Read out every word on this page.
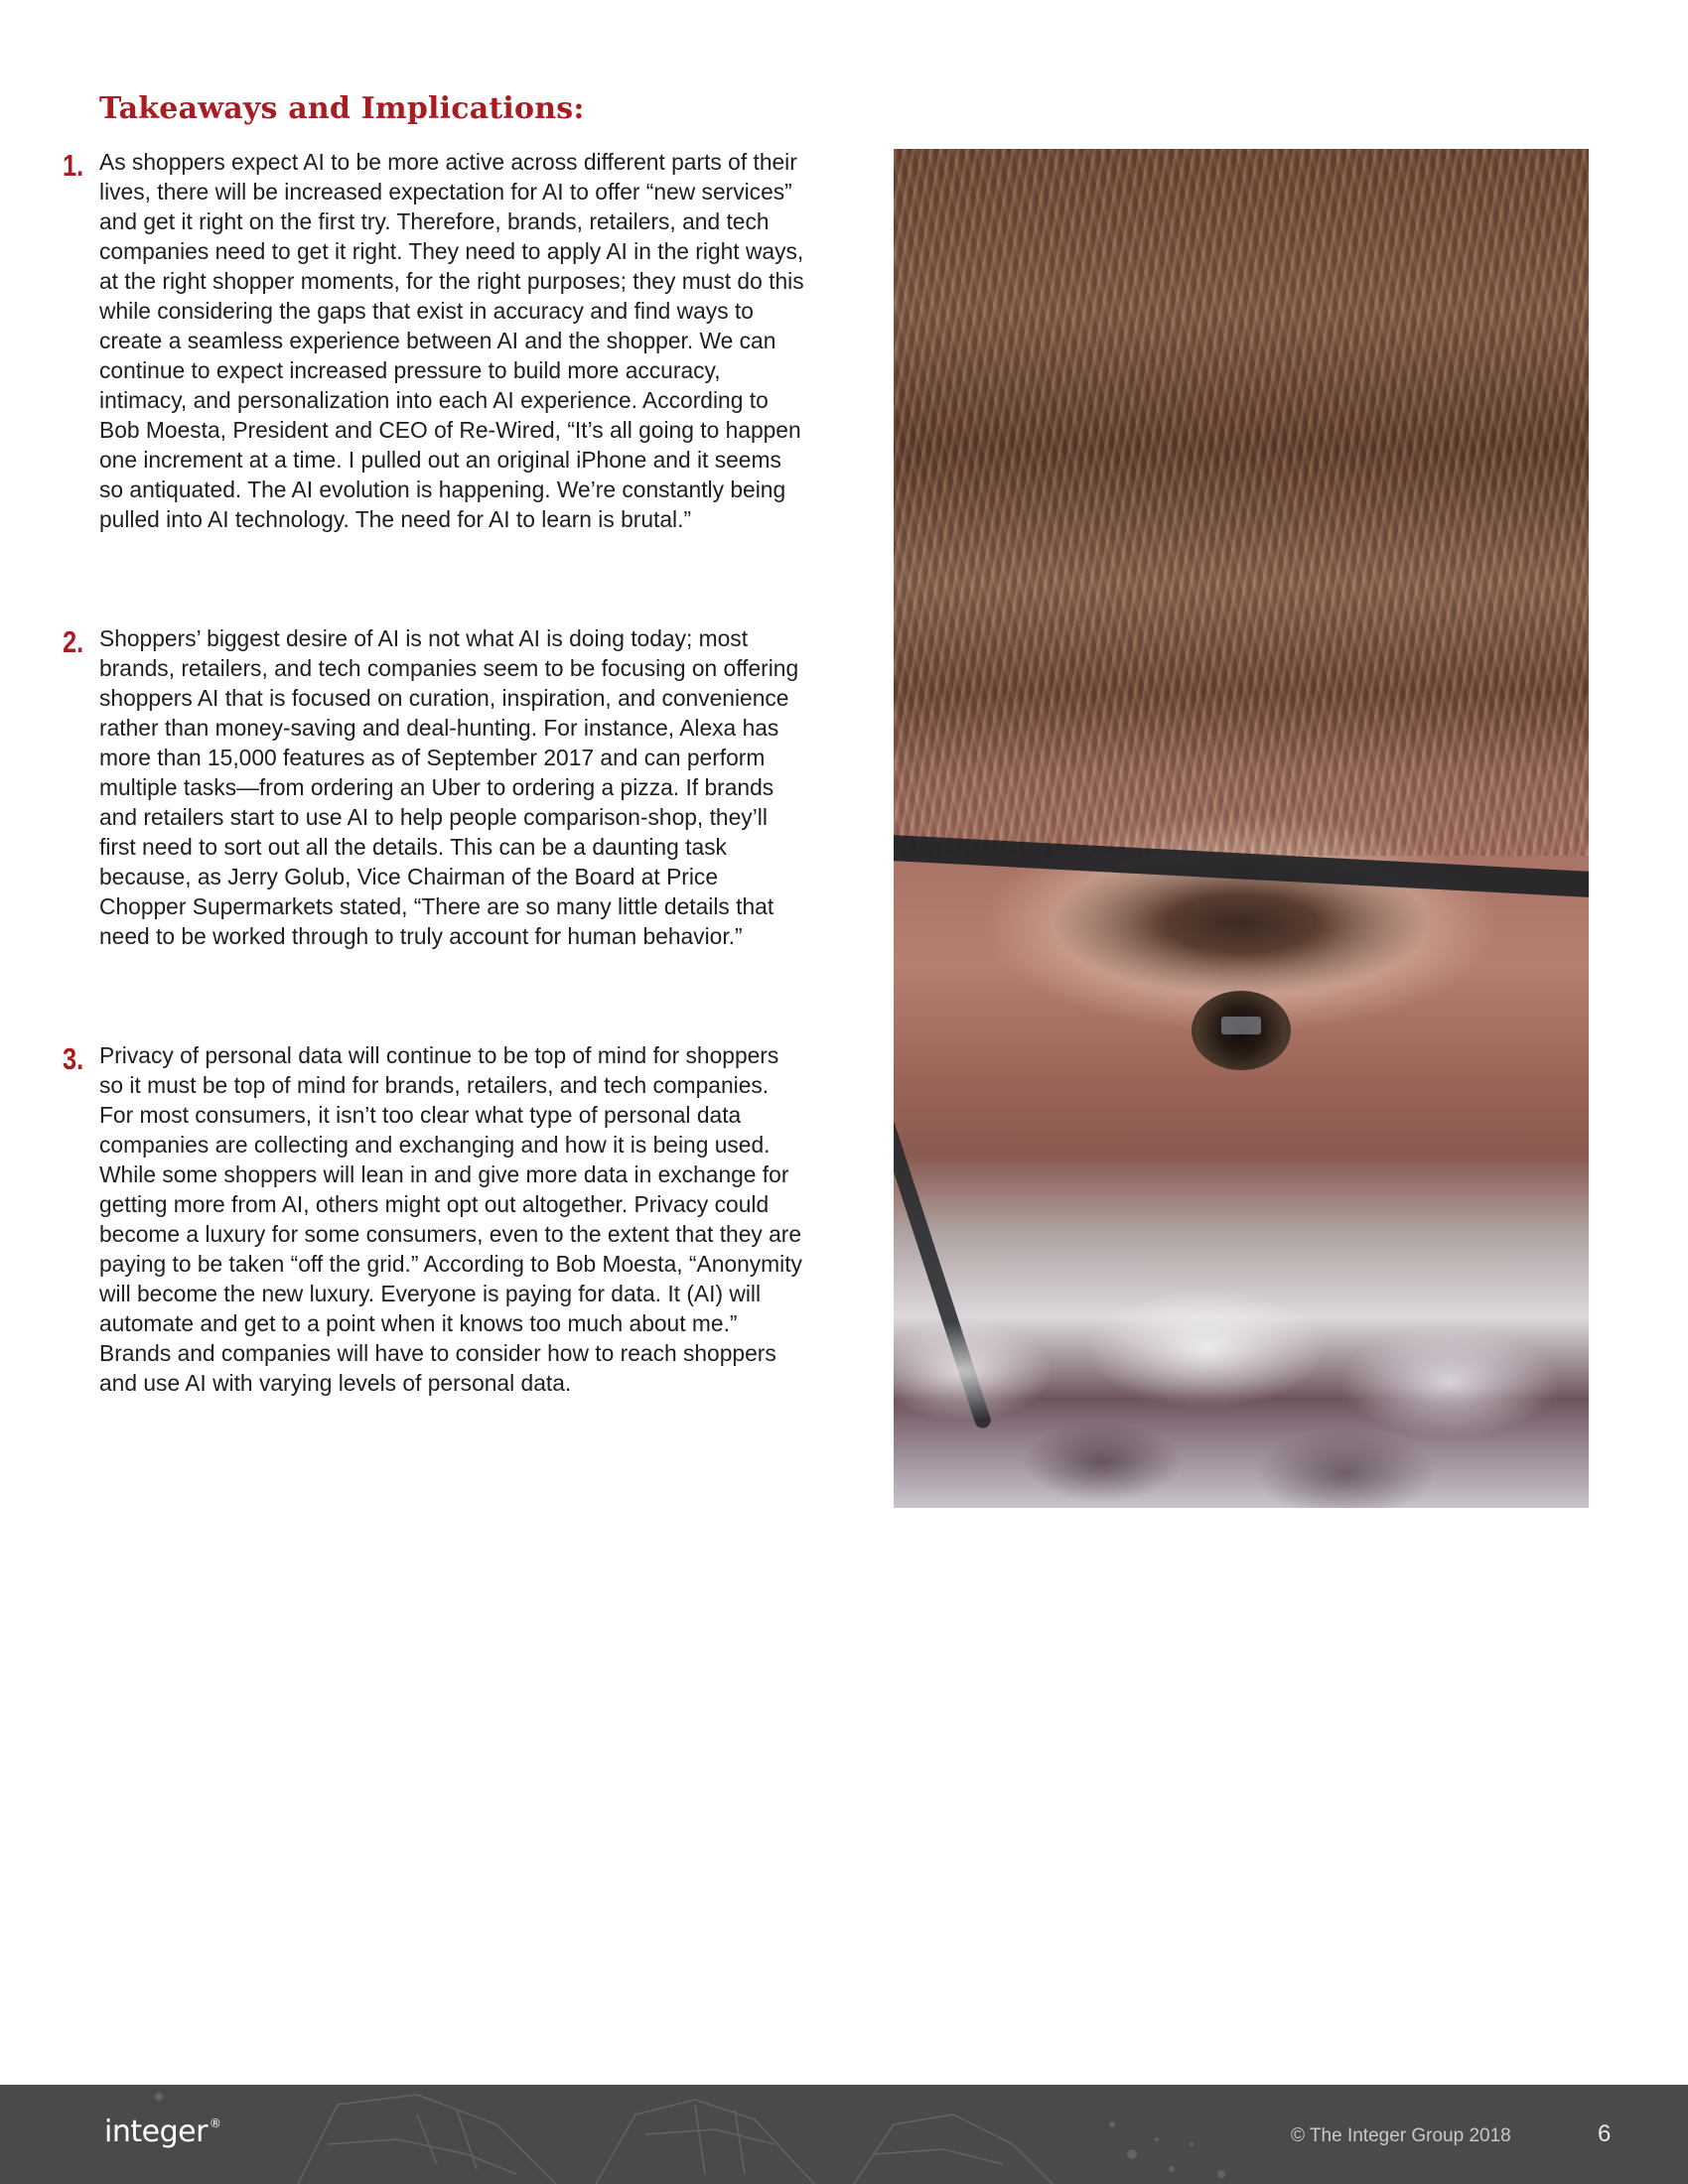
Takeaways and Implications:
1. As shoppers expect AI to be more active across different parts of their lives, there will be increased expectation for AI to offer “new services” and get it right on the first try. Therefore, brands, retailers, and tech companies need to get it right. They need to apply AI in the right ways, at the right shopper moments, for the right purposes; they must do this while considering the gaps that exist in accuracy and find ways to create a seamless experience between AI and the shopper. We can continue to expect increased pressure to build more accuracy, intimacy, and personalization into each AI experience. According to Bob Moesta, President and CEO of Re-Wired, “It’s all going to happen one increment at a time. I pulled out an original iPhone and it seems so antiquated. The AI evolution is happening. We’re constantly being pulled into AI technology. The need for AI to learn is brutal.”

2. Shoppers’ biggest desire of AI is not what AI is doing today; most brands, retailers, and tech companies seem to be focusing on offering shoppers AI that is focused on curation, inspiration, and convenience rather than money-saving and deal-hunting. For instance, Alexa has more than 15,000 features as of September 2017 and can perform multiple tasks—from ordering an Uber to ordering a pizza. If brands and retailers start to use AI to help people comparison-shop, they’ll first need to sort out all the details. This can be a daunting task because, as Jerry Golub, Vice Chairman of the Board at Price Chopper Supermarkets stated, “There are so many little details that need to be worked through to truly account for human behavior.”

3. Privacy of personal data will continue to be top of mind for shoppers so it must be top of mind for brands, retailers, and tech companies. For most consumers, it isn’t too clear what type of personal data companies are collecting and exchanging and how it is being used. While some shoppers will lean in and give more data in exchange for getting more from AI, others might opt out altogether. Privacy could become a luxury for some consumers, even to the extent that they are paying to be taken “off the grid.” According to Bob Moesta, “Anonymity will become the new luxury. Everyone is paying for data. It (AI) will automate and get to a point when it knows too much about me.” Brands and companies will have to consider how to reach shoppers and use AI with varying levels of personal data.

integer ®
© The Integer Group 2018	6
